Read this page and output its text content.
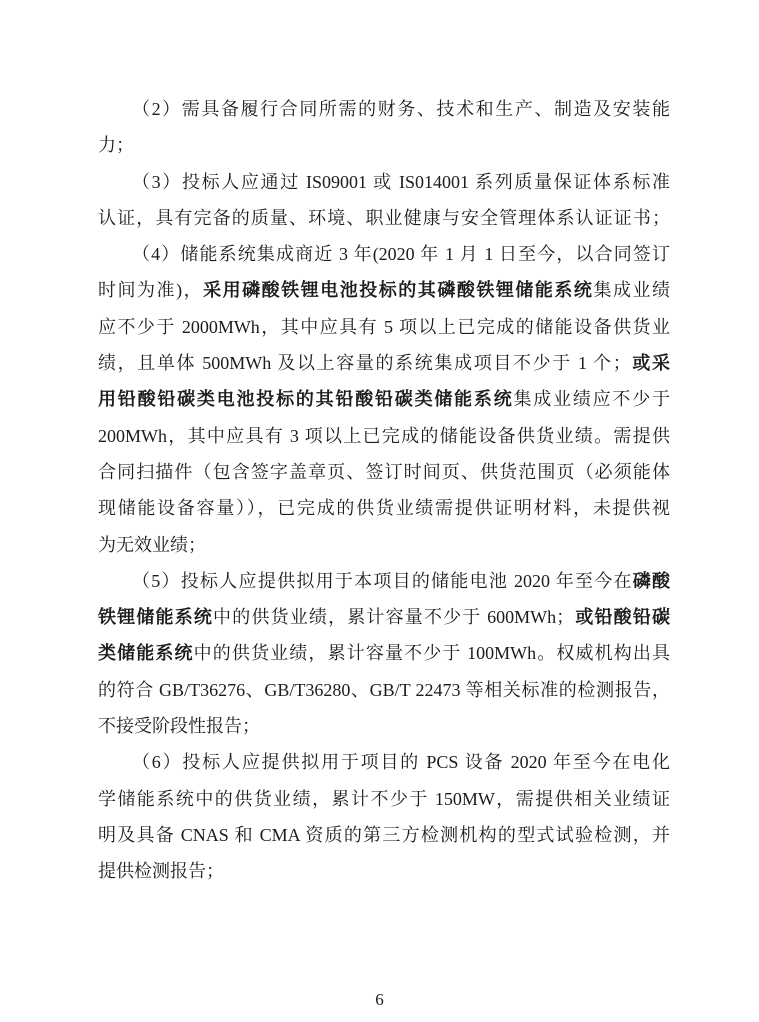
（2）需具备履行合同所需的财务、技术和生产、制造及安装能
力；
（3）投标人应通过 IS09001 或 IS014001 系列质量保证体系标准
认证，具有完备的质量、环境、职业健康与安全管理体系认证证书；
（4）储能系统集成商近 3 年(2020 年 1 月 1 日至今，以合同签订
时间为准)，采用磷酸铁锂电池投标的其磷酸铁锂储能系统集成业绩
应不少于 2000MWh，其中应具有 5 项以上已完成的储能设备供货业
绩，且单体 500MWh 及以上容量的系统集成项目不少于 1 个；或采
用铅酸铅碳类电池投标的其铅酸铅碳类储能系统集成业绩应不少于
200MWh，其中应具有 3 项以上已完成的储能设备供货业绩。需提供
合同扫描件（包含签字盖章页、签订时间页、供货范围页（必须能体
现储能设备容量）），已完成的供货业绩需提供证明材料，未提供视
为无效业绩；
（5）投标人应提供拟用于本项目的储能电池 2020 年至今在磷酸
铁锂储能系统中的供货业绩，累计容量不少于 600MWh；或铅酸铅碳
类储能系统中的供货业绩，累计容量不少于 100MWh。权威机构出具
的符合 GB/T36276、GB/T36280、GB/T 22473 等相关标准的检测报告，
不接受阶段性报告；
（6）投标人应提供拟用于项目的 PCS 设备 2020 年至今在电化
学储能系统中的供货业绩，累计不少于 150MW，需提供相关业绩证
明及具备 CNAS 和 CMA 资质的第三方检测机构的型式试验检测，并
提供检测报告；
6
